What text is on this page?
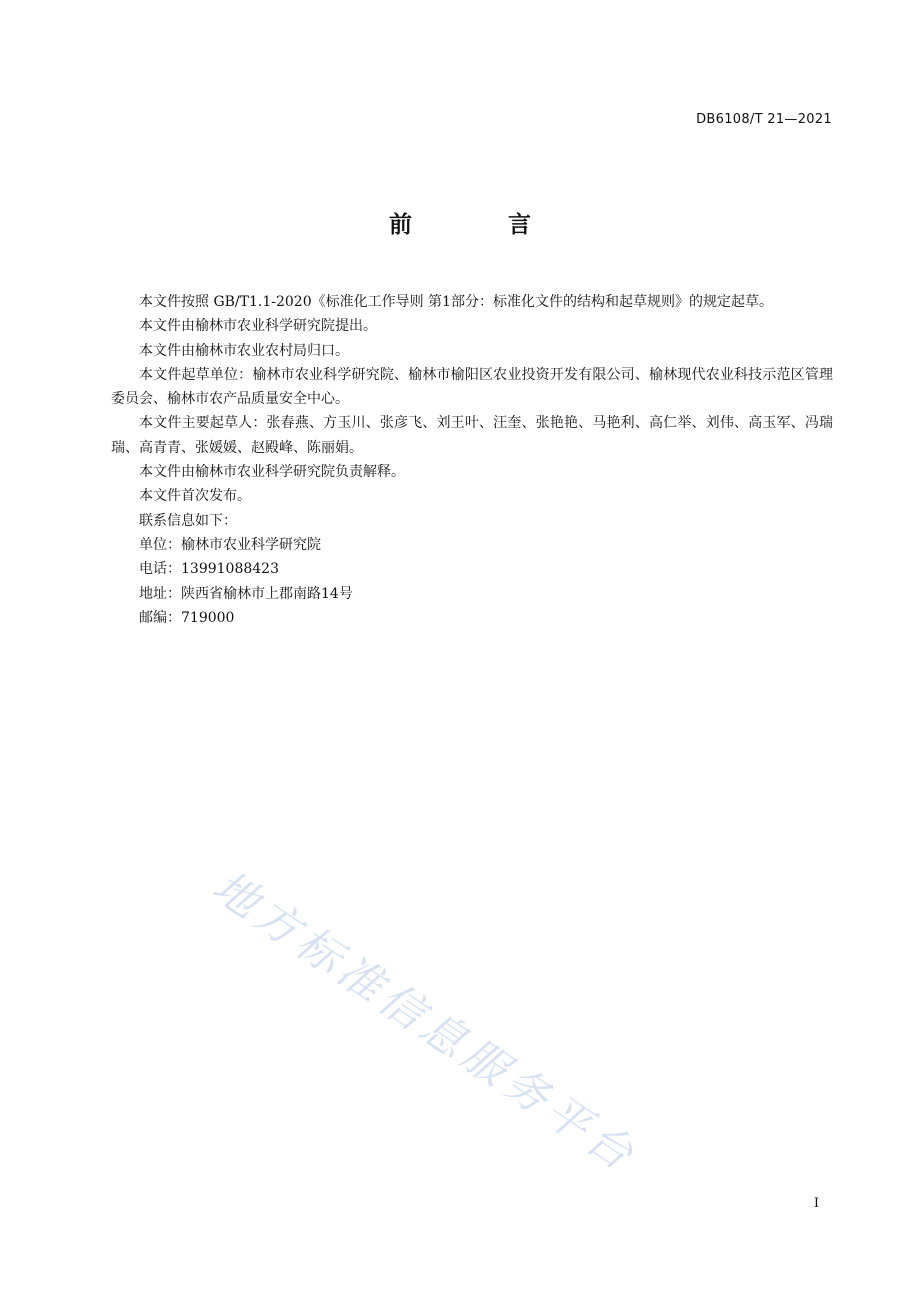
DB6108/T 21—2021
前 言

本文件按照 GB/T1.1-2020《标准化工作导则 第1部分：标准化文件的结构和起草规则》的规定起草。

本文件由榆林市农业科学研究院提出。

本文件由榆林市农业农村局归口。

本文件起草单位：榆林市农业科学研究院、榆林市榆阳区农业投资开发有限公司、榆林现代农业科技示范区管理委员会、榆林市农产品质量安全中心。

本文件主要起草人：张春燕、方玉川、张彦飞、刘王叶、汪奎、张艳艳、马艳利、高仁举、刘伟、高玉军、冯瑞瑞、高青青、张媛媛、赵殿峰、陈丽娟。

本文件由榆林市农业科学研究院负责解释。

本文件首次发布。

联系信息如下：

单位：榆林市农业科学研究院

电话：13991088423

地址：陕西省榆林市上郡南路14号

邮编：719000

地方标准信息服务平台
I
